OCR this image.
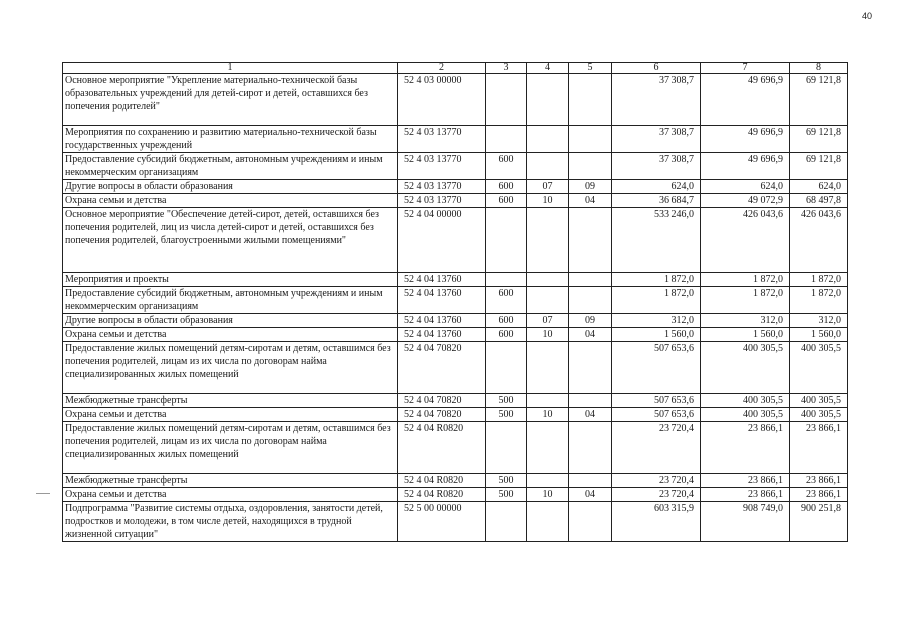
40
1	2	3	4	5	6	7	8
Основное мероприятие "Укрепление материально-технической базы образовательных учреждений для детей-сирот и детей, оставшихся без попечения родителей"	52 4 03 00000				37 308,7	49 696,9	69 121,8
Мероприятия по сохранению и развитию материально-технической базы государственных учреждений	52 4 03 13770				37 308,7	49 696,9	69 121,8
Предоставление субсидий бюджетным, автономным учреждениям и иным некоммерческим организациям	52 4 03 13770	600			37 308,7	49 696,9	69 121,8
Другие вопросы в области образования	52 4 03 13770	600	07	09	624,0	624,0	624,0
Охрана семьи и детства	52 4 03 13770	600	10	04	36 684,7	49 072,9	68 497,8
Основное мероприятие "Обеспечение детей-сирот, детей, оставшихся без попечения родителей, лиц из числа детей-сирот и детей, оставшихся без попечения родителей, благоустроенными жилыми помещениями"	52 4 04 00000				533 246,0	426 043,6	426 043,6
Мероприятия и проекты	52 4 04 13760				1 872,0	1 872,0	1 872,0
Предоставление субсидий бюджетным, автономным учреждениям и иным некоммерческим организациям	52 4 04 13760	600			1 872,0	1 872,0	1 872,0
Другие вопросы в области образования	52 4 04 13760	600	07	09	312,0	312,0	312,0
Охрана семьи и детства	52 4 04 13760	600	10	04	1 560,0	1 560,0	1 560,0
Предоставление жилых помещений детям-сиротам и детям, оставшимся без попечения родителей, лицам из их числа по договорам найма специализированных жилых помещений	52 4 04 70820				507 653,6	400 305,5	400 305,5
Межбюджетные трансферты	52 4 04 70820	500			507 653,6	400 305,5	400 305,5
Охрана семьи и детства	52 4 04 70820	500	10	04	507 653,6	400 305,5	400 305,5
Предоставление жилых помещений детям-сиротам и детям, оставшимся без попечения родителей, лицам из их числа по договорам найма специализированных жилых помещений	52 4 04 R0820				23 720,4	23 866,1	23 866,1
Межбюджетные трансферты	52 4 04 R0820	500			23 720,4	23 866,1	23 866,1
Охрана семьи и детства	52 4 04 R0820	500	10	04	23 720,4	23 866,1	23 866,1
Подпрограмма "Развитие системы отдыха, оздоровления, занятости детей, подростков и молодежи, в том числе детей, находящихся в трудной жизненной ситуации"	52 5 00 00000				603 315,9	908 749,0	900 251,8
